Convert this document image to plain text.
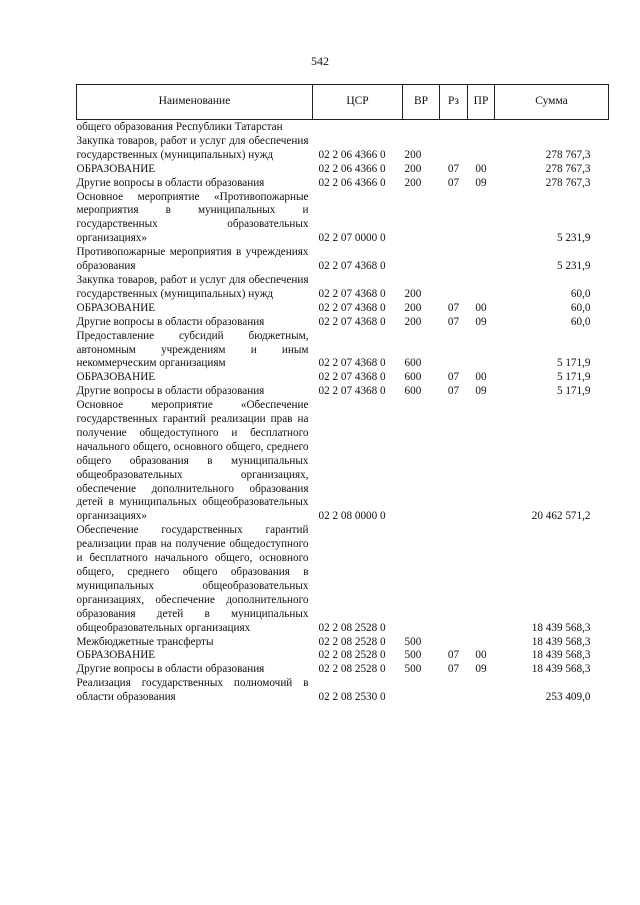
542
Наименование	ЦСР	ВР	Рз	ПР	Сумма
общего образования Республики Татарстан					
Закупка товаров, работ и услуг для обеспечения государственных (муниципальных) нужд	02 2 06 4366 0	200			278 767,3
ОБРАЗОВАНИЕ	02 2 06 4366 0	200	07	00	278 767,3
Другие вопросы в области образования	02 2 06 4366 0	200	07	09	278 767,3
Основное мероприятие «Противопожарные мероприятия в муниципальных и государственных образовательных организациях»	02 2 07 0000 0				5 231,9
Противопожарные мероприятия в учреждениях образования	02 2 07 4368 0				5 231,9
Закупка товаров, работ и услуг для обеспечения государственных (муниципальных) нужд	02 2 07 4368 0	200			60,0
ОБРАЗОВАНИЕ	02 2 07 4368 0	200	07	00	60,0
Другие вопросы в области образования	02 2 07 4368 0	200	07	09	60,0
Предоставление субсидий бюджетным, автономным учреждениям и иным некоммерческим организациям	02 2 07 4368 0	600			5 171,9
ОБРАЗОВАНИЕ	02 2 07 4368 0	600	07	00	5 171,9
Другие вопросы в области образования	02 2 07 4368 0	600	07	09	5 171,9
Основное мероприятие «Обеспечение государственных гарантий реализации прав на получение общедоступного и бесплатного начального общего, основного общего, среднего общего образования в муниципальных общеобразовательных организациях, обеспечение дополнительного образования детей в муниципальных общеобразовательных организациях»	02 2 08 0000 0				20 462 571,2
Обеспечение государственных гарантий реализации прав на получение общедоступного и бесплатного начального общего, основного общего, среднего общего образования в муниципальных общеобразовательных организациях, обеспечение дополнительного образования детей в муниципальных общеобразовательных организациях	02 2 08 2528 0				18 439 568,3
Межбюджетные трансферты	02 2 08 2528 0	500			18 439 568,3
ОБРАЗОВАНИЕ	02 2 08 2528 0	500	07	00	18 439 568,3
Другие вопросы в области образования	02 2 08 2528 0	500	07	09	18 439 568,3
Реализация государственных полномочий в области образования	02 2 08 2530 0				253 409,0
